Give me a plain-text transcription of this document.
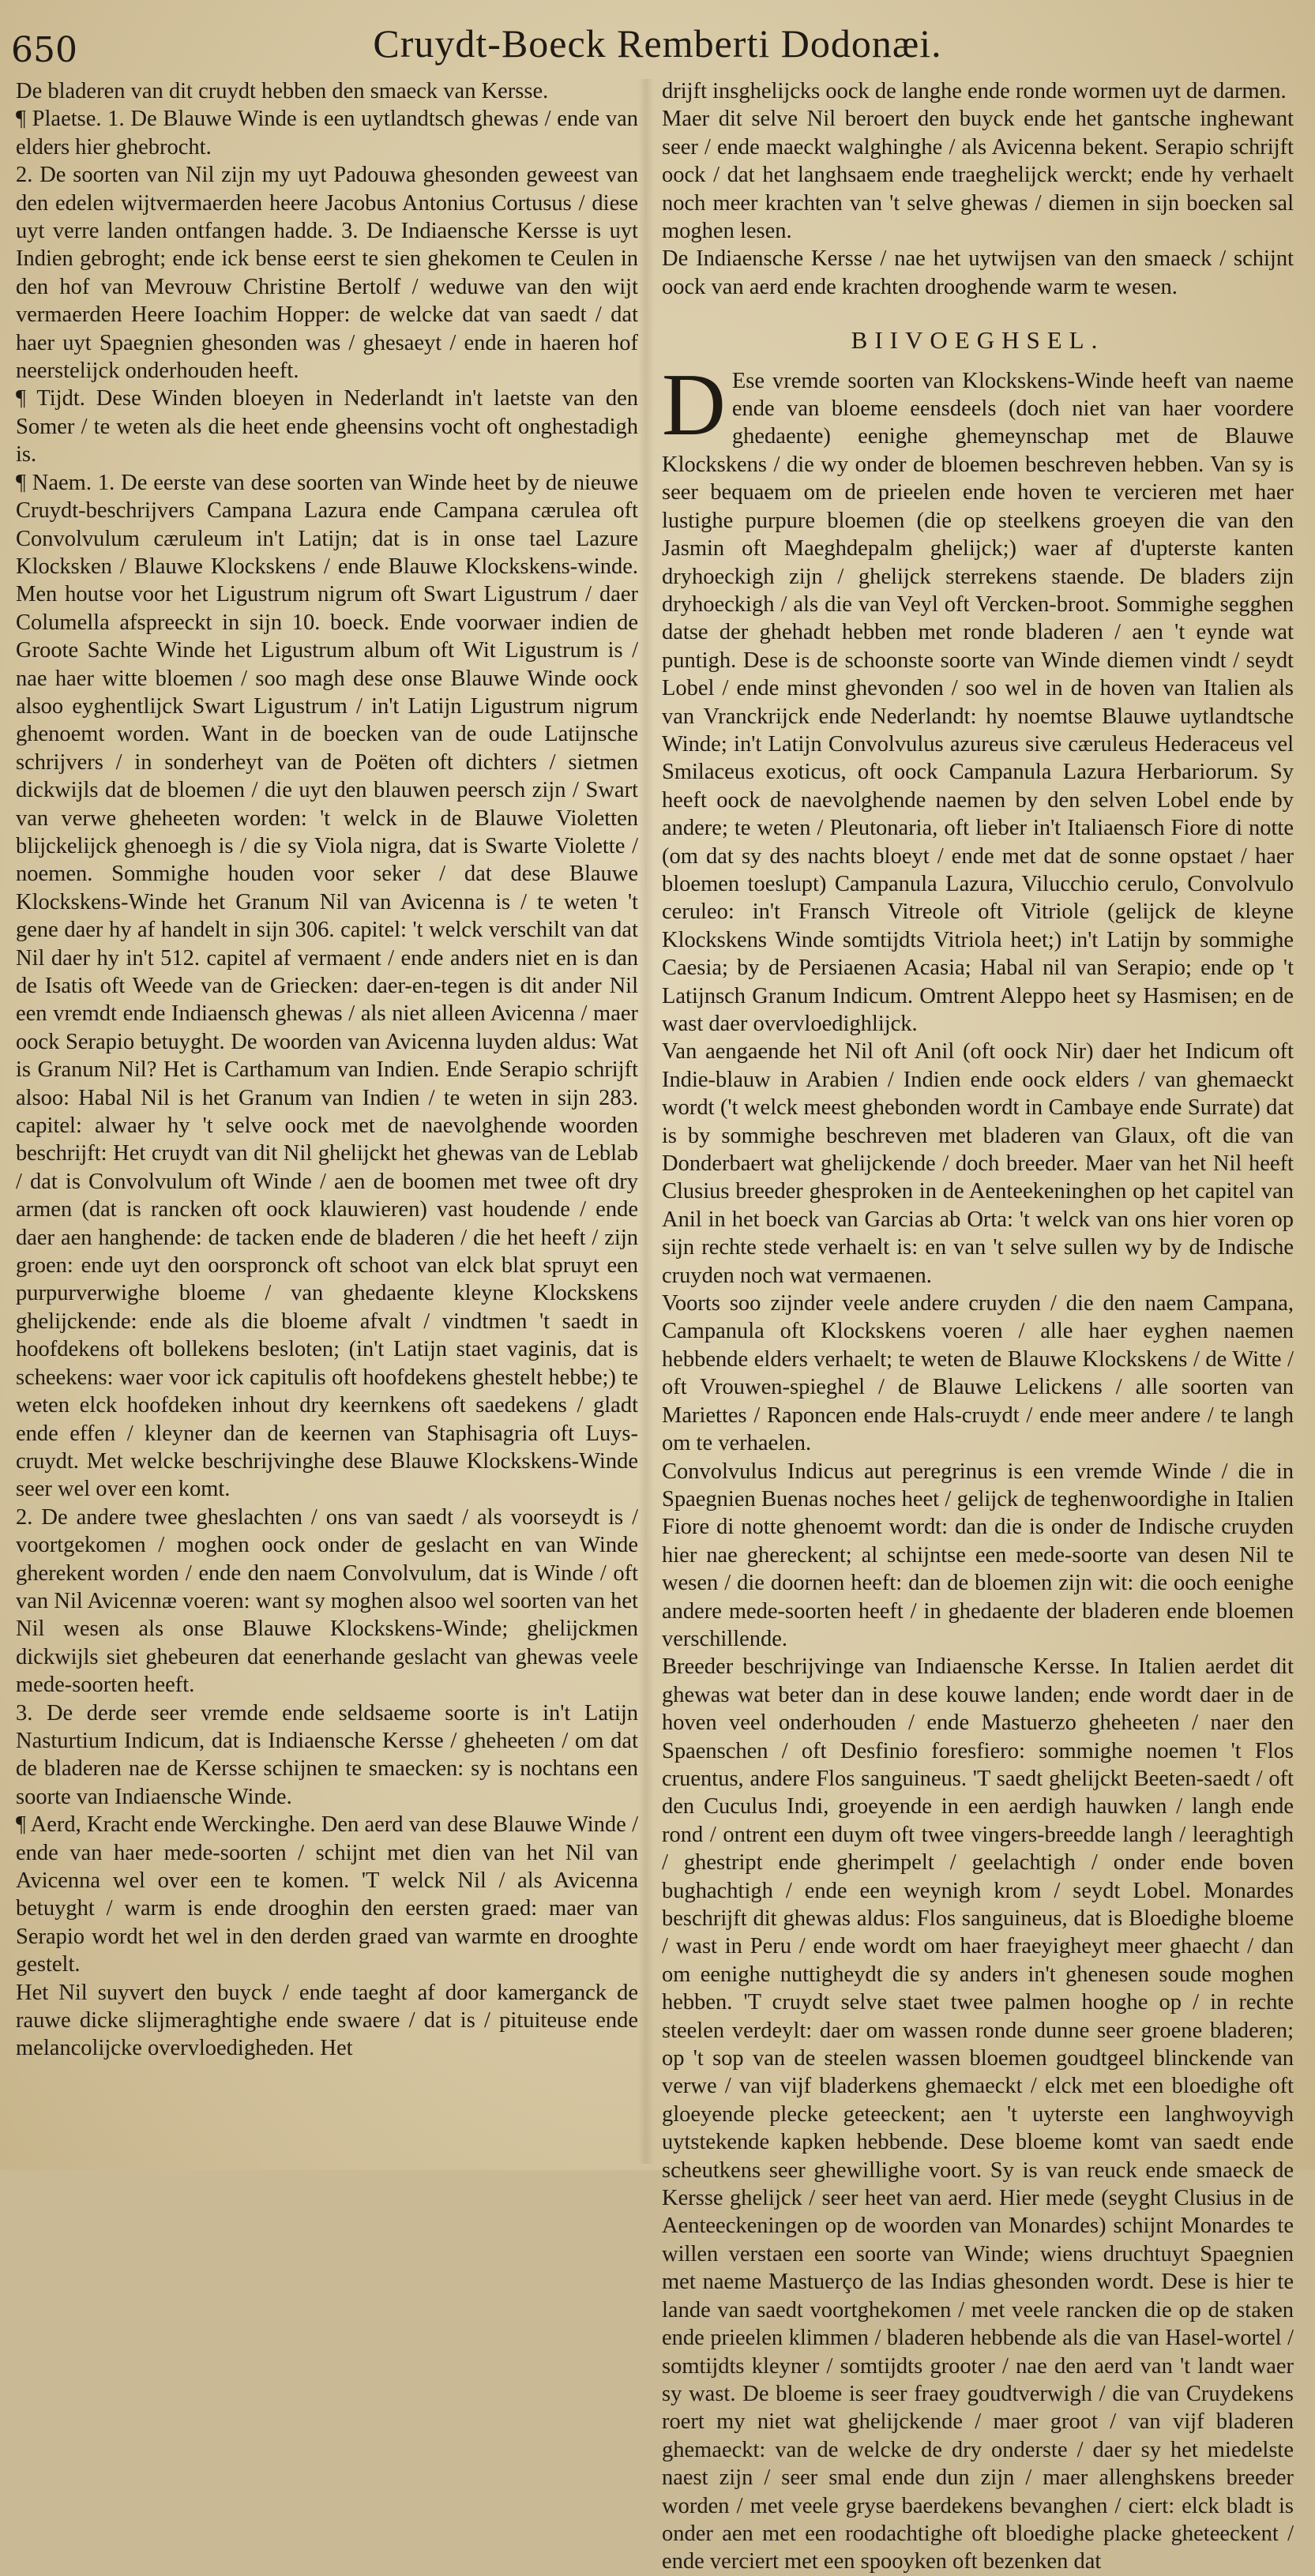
650	Cruydt-Boeck Remberti Dodonæi.

De bladeren van dit cruydt hebben den smaeck van Kersse.

¶ Plaetse. 1. De Blauwe Winde is een uytlandtsch ghewas / ende van elders hier ghebrocht.

2. De soorten van Nil zijn my uyt Padouwa ghesonden geweest van den edelen wijtvermaerden heere Jacobus Antonius Cortusus / diese uyt verre landen ontfangen hadde. 3. De Indiaensche Kersse is uyt Indien gebroght; ende ick bense eerst te sien ghekomen te Ceulen in den hof van Mevrouw Christine Bertolf / weduwe van den wijt vermaerden Heere Ioachim Hopper: de welcke dat van saedt / dat haer uyt Spaegnien ghesonden was / ghesaeyt / ende in haeren hof neerstelijck onderhouden heeft.

¶ Tijdt. Dese Winden bloeyen in Nederlandt in't laetste van den Somer / te weten als die heet ende gheensins vocht oft onghestadigh is.

¶ Naem. 1. De eerste van dese soorten van Winde heet by de nieuwe Cruydt-beschrijvers Campana Lazura ende Campana cærulea oft Convolvulum cæruleum in't Latijn; dat is in onse tael Lazure Klocksken / Blauwe Klockskens / ende Blauwe Klockskens-winde. Men houtse voor het Ligustrum nigrum oft Swart Ligustrum / daer Columella afspreeckt in sijn 10. boeck. Ende voorwaer indien de Groote Sachte Winde het Ligustrum album oft Wit Ligustrum is / nae haer witte bloemen / soo magh dese onse Blauwe Winde oock alsoo eyghentlijck Swart Ligustrum / in't Latijn Ligustrum nigrum ghenoemt worden. Want in de boecken van de oude Latijnsche schrijvers / in sonderheyt van de Poëten oft dichters / sietmen dickwijls dat de bloemen / die uyt den blauwen peersch zijn / Swart van verwe gheheeten worden: 't welck in de Blauwe Violetten blijckelijck ghenoegh is / die sy Viola nigra, dat is Swarte Violette / noemen. Sommighe houden voor seker / dat dese Blauwe Klockskens-Winde het Granum Nil van Avicenna is / te weten 't gene daer hy af handelt in sijn 306. capitel: 't welck verschilt van dat Nil daer hy in't 512. capitel af vermaent / ende anders niet en is dan de Isatis oft Weede van de Griecken: daer-en-tegen is dit ander Nil een vremdt ende Indiaensch ghewas / als niet alleen Avicenna / maer oock Serapio betuyght. De woorden van Avicenna luyden aldus: Wat is Granum Nil? Het is Carthamum van Indien. Ende Serapio schrijft alsoo: Habal Nil is het Granum van Indien / te weten in sijn 283. capitel: alwaer hy 't selve oock met de naevolghende woorden beschrijft: Het cruydt van dit Nil ghelijckt het ghewas van de Leblab / dat is Convolvulum oft Winde / aen de boomen met twee oft dry armen (dat is rancken oft oock klauwieren) vast houdende / ende daer aen hanghende: de tacken ende de bladeren / die het heeft / zijn groen: ende uyt den oorspronck oft schoot van elck blat spruyt een purpurverwighe bloeme / van ghedaente kleyne Klockskens ghelijckende: ende als die bloeme afvalt / vindtmen 't saedt in hoofdekens oft bollekens besloten; (in't Latijn staet vaginis, dat is scheekens: waer voor ick capitulis oft hoofdekens ghestelt hebbe;) te weten elck hoofdeken inhout dry keernkens oft saedekens / gladt ende effen / kleyner dan de keernen van Staphisagria oft Luys-cruydt. Met welcke beschrijvinghe dese Blauwe Klockskens-Winde seer wel over een komt.

2. De andere twee gheslachten / ons van saedt / als voorseydt is / voortgekomen / moghen oock onder de geslacht en van Winde gherekent worden / ende den naem Convolvulum, dat is Winde / oft van Nil Avicennæ voeren: want sy moghen alsoo wel soorten van het Nil wesen als onse Blauwe Klockskens-Winde; ghelijckmen dickwijls siet ghebeuren dat eenerhande geslacht van ghewas veele mede-soorten heeft.

3. De derde seer vremde ende seldsaeme soorte is in't Latijn Nasturtium Indicum, dat is Indiaensche Kersse / gheheeten / om dat de bladeren nae de Kersse schijnen te smaecken: sy is nochtans een soorte van Indiaensche Winde.

¶ Aerd, Kracht ende Werckinghe. Den aerd van dese Blauwe Winde / ende van haer mede-soorten / schijnt met dien van het Nil van Avicenna wel over een te komen. 'T welck Nil / als Avicenna betuyght / warm is ende drooghin den eersten graed: maer van Serapio wordt het wel in den derden graed van warmte en drooghte gestelt.

Het Nil suyvert den buyck / ende taeght af door kamerganck de rauwe dicke slijmeraghtighe ende swaere / dat is / pituiteuse ende melancolijcke overvloedigheden. Het

drijft insghelijcks oock de langhe ende ronde wormen uyt de darmen.

Maer dit selve Nil beroert den buyck ende het gantsche inghewant seer / ende maeckt walghinghe / als Avicenna bekent. Serapio schrijft oock / dat het langhsaem ende traeghelijck werckt; ende hy verhaelt noch meer krachten van 't selve ghewas / diemen in sijn boecken sal moghen lesen.

De Indiaensche Kersse / nae het uytwijsen van den smaeck / schijnt oock van aerd ende krachten drooghende warm te wesen.

BIIVOEGHSEL.

D Ese vremde soorten van Klockskens-Winde heeft van naeme ende van bloeme eensdeels (doch niet van haer voordere ghedaente) eenighe ghemeynschap met de Blauwe Klockskens / die wy onder de bloemen beschreven hebben. Van sy is seer bequaem om de prieelen ende hoven te vercieren met haer lustighe purpure bloemen (die op steelkens groeyen die van den Jasmin oft Maeghdepalm ghelijck;) waer af d'upterste kanten dryhoeckigh zijn / ghelijck sterrekens staende. De bladers zijn dryhoeckigh / als die van Veyl oft Vercken-broot. Sommighe segghen datse der ghehadt hebben met ronde bladeren / aen 't eynde wat puntigh. Dese is de schoonste soorte van Winde diemen vindt / seydt Lobel / ende minst ghevonden / soo wel in de hoven van Italien als van Vranckrijck ende Nederlandt: hy noemtse Blauwe uytlandtsche Winde; in't Latijn Convolvulus azureus sive cæruleus Hederaceus vel Smilaceus exoticus, oft oock Campanula Lazura Herbariorum. Sy heeft oock de naevolghende naemen by den selven Lobel ende by andere; te weten / Pleutonaria, oft lieber in't Italiaensch Fiore di notte (om dat sy des nachts bloeyt / ende met dat de sonne opstaet / haer bloemen toeslupt) Campanula Lazura, Vilucchio cerulo, Convolvulo ceruleo: in't Fransch Vitreole oft Vitriole (gelijck de kleyne Klockskens Winde somtijdts Vitriola heet;) in't Latijn by sommighe Caesia; by de Persiaenen Acasia; Habal nil van Serapio; ende op 't Latijnsch Granum Indicum. Omtrent Aleppo heet sy Hasmisen; en de wast daer overvloedighlijck.

Van aengaende het Nil oft Anil (oft oock Nir) daer het Indicum oft Indie-blauw in Arabien / Indien ende oock elders / van ghemaeckt wordt ('t welck meest ghebonden wordt in Cambaye ende Surrate) dat is by sommighe beschreven met bladeren van Glaux, oft die van Donderbaert wat ghelijckende / doch breeder. Maer van het Nil heeft Clusius breeder ghesproken in de Aenteekeninghen op het capitel van Anil in het boeck van Garcias ab Orta: 't welck van ons hier voren op sijn rechte stede verhaelt is: en van 't selve sullen wy by de Indische cruyden noch wat vermaenen.

Voorts soo zijnder veele andere cruyden / die den naem Campana, Campanula oft Klockskens voeren / alle haer eyghen naemen hebbende elders verhaelt; te weten de Blauwe Klockskens / de Witte / oft Vrouwen-spieghel / de Blauwe Lelickens / alle soorten van Mariettes / Raponcen ende Hals-cruydt / ende meer andere / te langh om te verhaelen.

Convolvulus Indicus aut peregrinus is een vremde Winde / die in Spaegnien Buenas noches heet / gelijck de teghenwoordighe in Italien Fiore di notte ghenoemt wordt: dan die is onder de Indische cruyden hier nae ghereckent; al schijntse een mede-soorte van desen Nil te wesen / die doornen heeft: dan de bloemen zijn wit: die ooch eenighe andere mede-soorten heeft / in ghedaente der bladeren ende bloemen verschillende.

Breeder beschrijvinge van Indiaensche Kersse. In Italien aerdet dit ghewas wat beter dan in dese kouwe landen; ende wordt daer in de hoven veel onderhouden / ende Mastuerzo gheheeten / naer den Spaenschen / oft Desfinio foresfiero: sommighe noemen 't Flos cruentus, andere Flos sanguineus. 'T saedt ghelijckt Beeten-saedt / oft den Cuculus Indi, groeyende in een aerdigh hauwken / langh ende rond / ontrent een duym oft twee vingers-breedde langh / leeraghtigh / ghestript ende gherimpelt / geelachtigh / onder ende boven bughachtigh / ende een weynigh krom / seydt Lobel. Monardes beschrijft dit ghewas aldus: Flos sanguineus, dat is Bloedighe bloeme / wast in Peru / ende wordt om haer fraeyigheyt meer ghaecht / dan om eenighe nuttigheydt die sy anders in't ghenesen soude moghen hebben. 'T cruydt selve staet twee palmen hooghe op / in rechte steelen verdeylt: daer om wassen ronde dunne seer groene bladeren; op 't sop van de steelen wassen bloemen goudtgeel blinckende van verwe / van vijf bladerkens ghemaeckt / elck met een bloedighe oft gloeyende plecke geteeckent; aen 't uyterste een langhwoyvigh uytstekende kapken hebbende. Dese bloeme komt van saedt ende scheutkens seer ghewillighe voort. Sy is van reuck ende smaeck de Kersse ghelijck / seer heet van aerd. Hier mede (seyght Clusius in de Aenteeckeningen op de woorden van Monardes) schijnt Monardes te willen verstaen een soorte van Winde; wiens druchtuyt Spaegnien met naeme Mastuerço de las Indias ghesonden wordt. Dese is hier te lande van saedt voortghekomen / met veele rancken die op de staken ende prieelen klimmen / bladeren hebbende als die van Hasel-wortel / somtijdts kleyner / somtijdts grooter / nae den aerd van 't landt waer sy wast. De bloeme is seer fraey goudtverwigh / die van Cruydekens roert my niet wat ghelijckende / maer groot / van vijf bladeren ghemaeckt: van de welcke de dry onderste / daer sy het miedelste naest zijn / seer smal ende dun zijn / maer allenghskens breeder worden / met veele gryse baerdekens bevanghen / ciert: elck bladt is onder aen met een roodachtighe oft bloedighe placke gheteeckent / ende verciert met een spooyken oft bezenken dat
